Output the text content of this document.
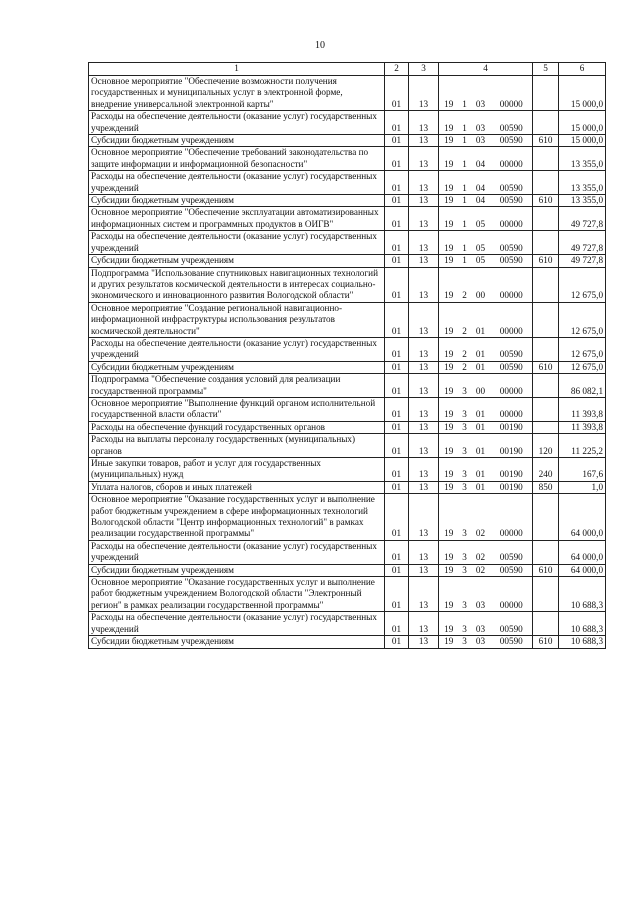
10
1	2	3	4				5	6
Основное мероприятие "Обеспечение возможности получения государственных и муниципальных услуг в электронной форме, внедрение универсальной электронной карты"	01	13	19	1	03	00000		15 000,0
Расходы на обеспечение деятельности (оказание услуг) государственных учреждений	01	13	19	1	03	00590		15 000,0
Субсидии бюджетным учреждениям	01	13	19	1	03	00590	610	15 000,0
Основное мероприятие "Обеспечение требований законодательства по защите информации и информационной безопасности"	01	13	19	1	04	00000		13 355,0
Расходы на обеспечение деятельности (оказание услуг) государственных учреждений	01	13	19	1	04	00590		13 355,0
Субсидии бюджетным учреждениям	01	13	19	1	04	00590	610	13 355,0
Основное мероприятие "Обеспечение эксплуатации автоматизированных информационных систем и программных продуктов в ОИГВ"	01	13	19	1	05	00000		49 727,8
Расходы на обеспечение деятельности (оказание услуг) государственных учреждений	01	13	19	1	05	00590		49 727,8
Субсидии бюджетным учреждениям	01	13	19	1	05	00590	610	49 727,8
Подпрограмма "Использование спутниковых навигационных технологий и других результатов космической деятельности в интересах социально-экономического и инновационного развития Вологодской области"	01	13	19	2	00	00000		12 675,0
Основное мероприятие "Создание региональной навигационно-информационной инфраструктуры использования результатов космической деятельности"	01	13	19	2	01	00000		12 675,0
Расходы на обеспечение деятельности (оказание услуг) государственных учреждений	01	13	19	2	01	00590		12 675,0
Субсидии бюджетным учреждениям	01	13	19	2	01	00590	610	12 675,0
Подпрограмма "Обеспечение создания условий для реализации государственной программы"	01	13	19	3	00	00000		86 082,1
Основное мероприятие "Выполнение функций органом исполнительной государственной власти области"	01	13	19	3	01	00000		11 393,8
Расходы на обеспечение функций государственных органов	01	13	19	3	01	00190		11 393,8
Расходы на выплаты персоналу государственных (муниципальных) органов	01	13	19	3	01	00190	120	11 225,2
Иные закупки товаров, работ и услуг для государственных (муниципальных) нужд	01	13	19	3	01	00190	240	167,6
Уплата налогов, сборов и иных платежей	01	13	19	3	01	00190	850	1,0
Основное мероприятие "Оказание государственных услуг и выполнение работ бюджетным учреждением в сфере информационных технологий Вологодской области "Центр информационных технологий" в рамках реализации государственной программы"	01	13	19	3	02	00000		64 000,0
Расходы на обеспечение деятельности (оказание услуг) государственных учреждений	01	13	19	3	02	00590		64 000,0
Субсидии бюджетным учреждениям	01	13	19	3	02	00590	610	64 000,0
Основное мероприятие "Оказание государственных услуг и выполнение работ бюджетным учреждением Вологодской области "Электронный регион" в рамках реализации государственной программы"	01	13	19	3	03	00000		10 688,3
Расходы на обеспечение деятельности (оказание услуг) государственных учреждений	01	13	19	3	03	00590		10 688,3
Субсидии бюджетным учреждениям	01	13	19	3	03	00590	610	10 688,3
